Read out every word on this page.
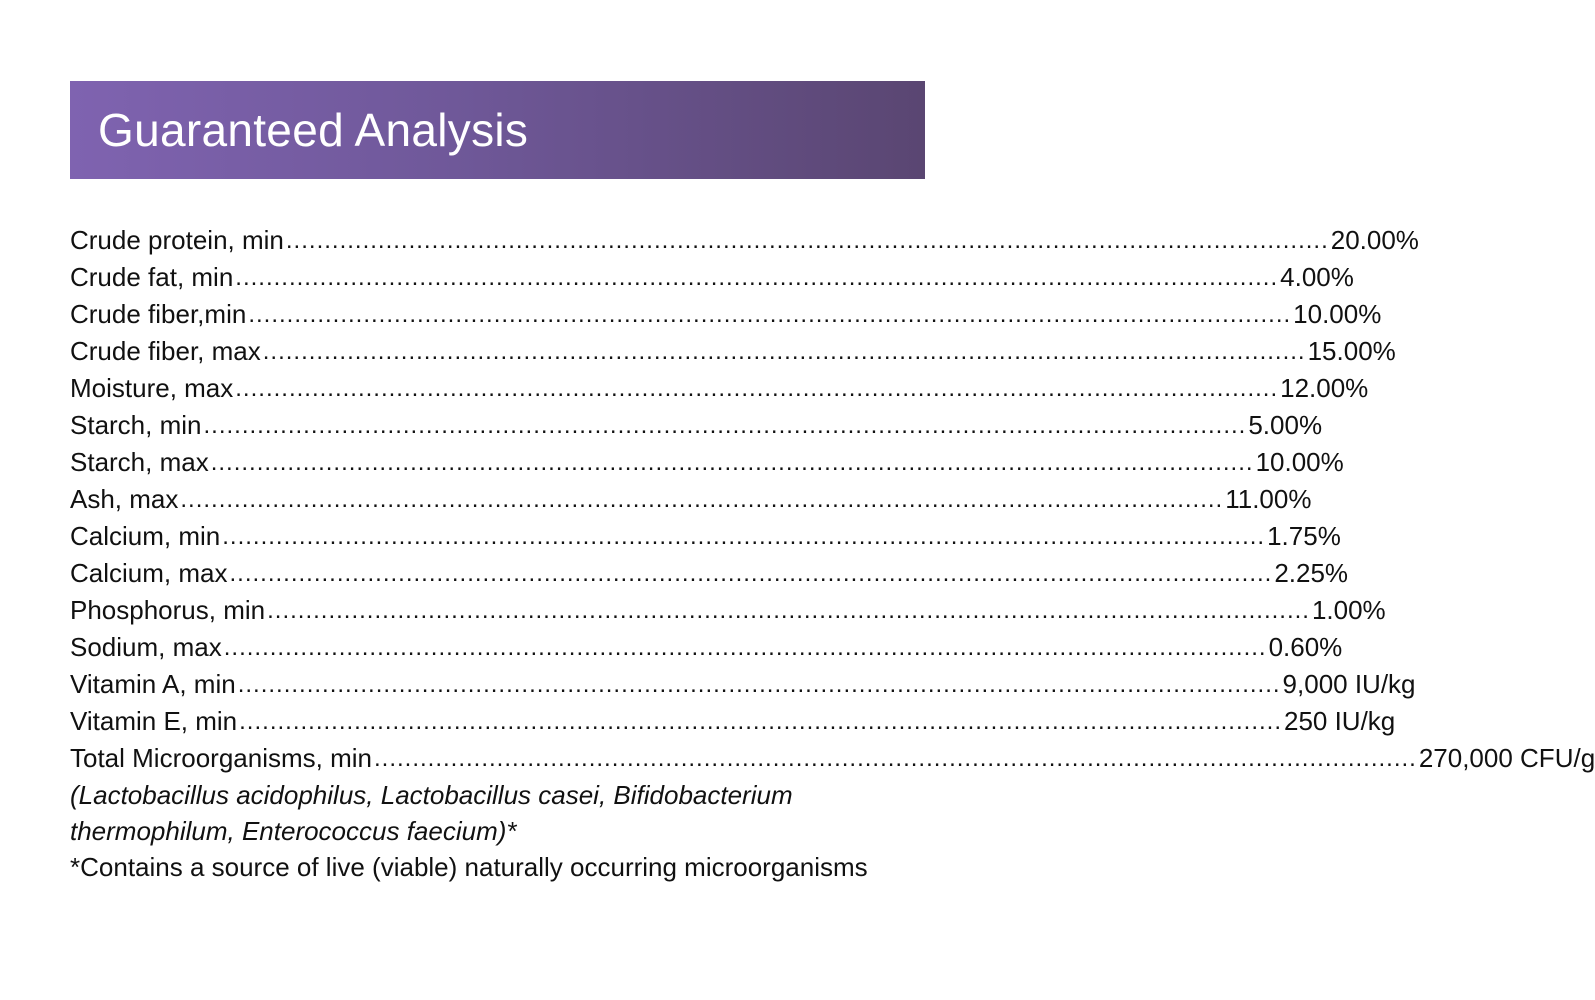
Guaranteed Analysis
Crude protein, min ........................................................................................................................................ 20.00%
Crude fat, min ........................................................................................................................................ 4.00%
Crude fiber,min ........................................................................................................................................ 10.00%
Crude fiber, max ........................................................................................................................................ 15.00%
Moisture, max ........................................................................................................................................ 12.00%
Starch, min ........................................................................................................................................ 5.00%
Starch, max ........................................................................................................................................ 10.00%
Ash, max ........................................................................................................................................ 11.00%
Calcium, min ........................................................................................................................................ 1.75%
Calcium, max ........................................................................................................................................ 2.25%
Phosphorus, min ........................................................................................................................................ 1.00%
Sodium, max ........................................................................................................................................ 0.60%
Vitamin A, min ........................................................................................................................................ 9,000 IU/kg
Vitamin E, min ........................................................................................................................................ 250 IU/kg
Total Microorganisms, min ........................................................................................................................................ 270,000 CFU/g
(Lactobacillus acidophilus, Lactobacillus casei, Bifidobacterium
thermophilum, Enterococcus faecium)*
*Contains a source of live (viable) naturally occurring microorganisms
